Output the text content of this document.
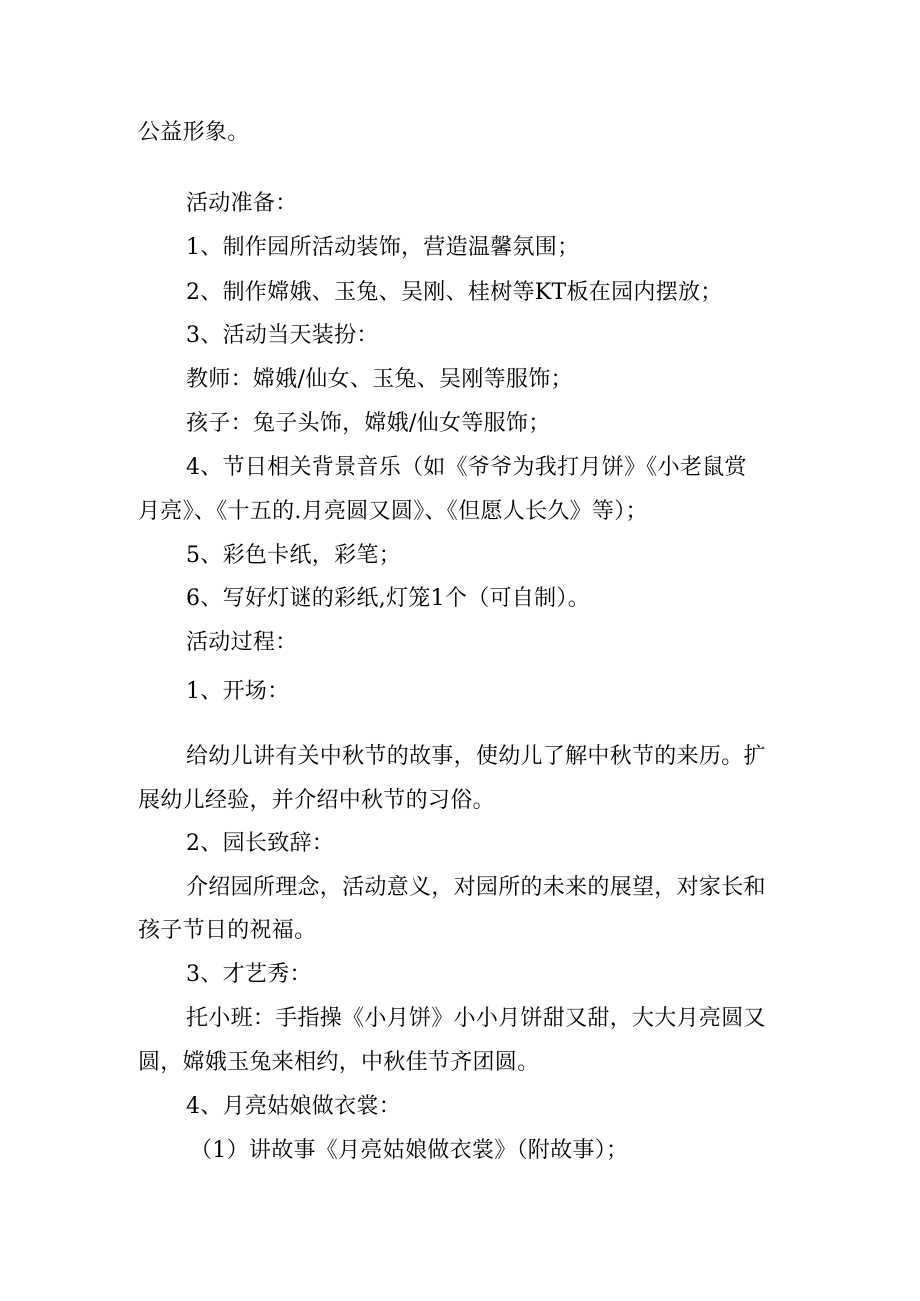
公益形象。
活动准备：
1、制作园所活动装饰，营造温馨氛围；
2、制作嫦娥、玉兔、吴刚、桂树等KT板在园内摆放；
3、活动当天装扮：
教师：嫦娥/仙女、玉兔、吴刚等服饰；
孩子：兔子头饰，嫦娥/仙女等服饰；
4、节日相关背景音乐（如《爷爷为我打月饼》《小老鼠赏
月亮》、《十五的.月亮圆又圆》、《但愿人长久》等）；
5、彩色卡纸，彩笔；
6、写好灯谜的彩纸,灯笼1个（可自制）。
活动过程：
1、开场：
给幼儿讲有关中秋节的故事，使幼儿了解中秋节的来历。扩
展幼儿经验，并介绍中秋节的习俗。
2、园长致辞：
介绍园所理念，活动意义，对园所的未来的展望，对家长和
孩子节日的祝福。
3、才艺秀：
托小班：手指操《小月饼》小小月饼甜又甜，大大月亮圆又
圆，嫦娥玉兔来相约，中秋佳节齐团圆。
4、月亮姑娘做衣裳：
（1）讲故事《月亮姑娘做衣裳》（附故事）；
